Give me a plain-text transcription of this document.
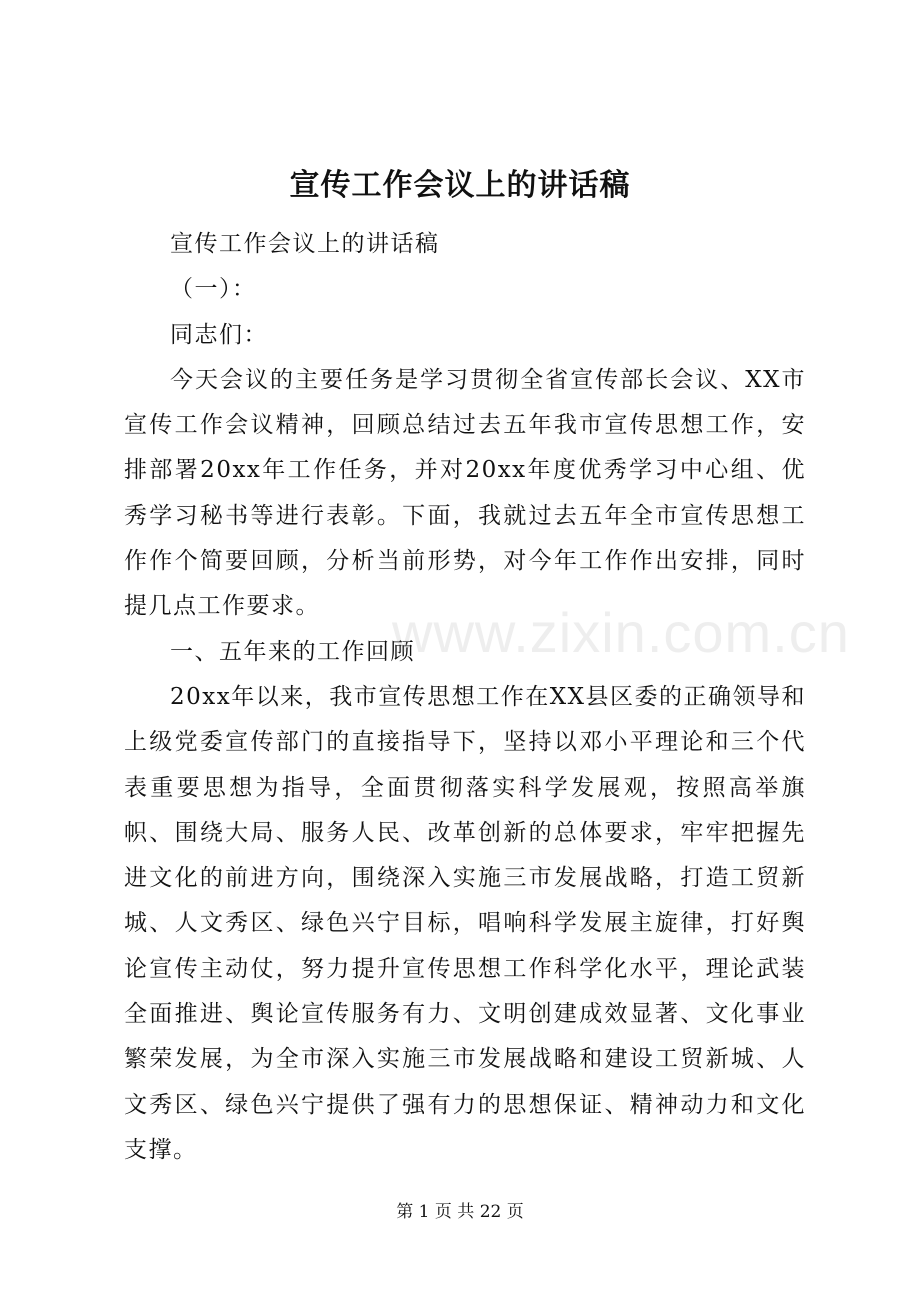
宣传工作会议上的讲话稿

宣传工作会议上的讲话稿

（一）：

同志们：

今天会议的主要任务是学习贯彻全省宣传部长会议、XX市宣传工作会议精神，回顾总结过去五年我市宣传思想工作，安排部署20xx年工作任务，并对20xx年度优秀学习中心组、优秀学习秘书等进行表彰。下面，我就过去五年全市宣传思想工作作个简要回顾，分析当前形势，对今年工作作出安排，同时提几点工作要求。

一、五年来的工作回顾

20xx年以来，我市宣传思想工作在XX县区委的正确领导和上级党委宣传部门的直接指导下，坚持以邓小平理论和三个代表重要思想为指导，全面贯彻落实科学发展观，按照高举旗帜、围绕大局、服务人民、改革创新的总体要求，牢牢把握先进文化的前进方向，围绕深入实施三市发展战略，打造工贸新城、人文秀区、绿色兴宁目标，唱响科学发展主旋律，打好舆论宣传主动仗，努力提升宣传思想工作科学化水平，理论武装全面推进、舆论宣传服务有力、文明创建成效显著、文化事业繁荣发展，为全市深入实施三市发展战略和建设工贸新城、人文秀区、绿色兴宁提供了强有力的思想保证、精神动力和文化支撑。

www.zixin.com.cn
第 1 页 共 22 页
